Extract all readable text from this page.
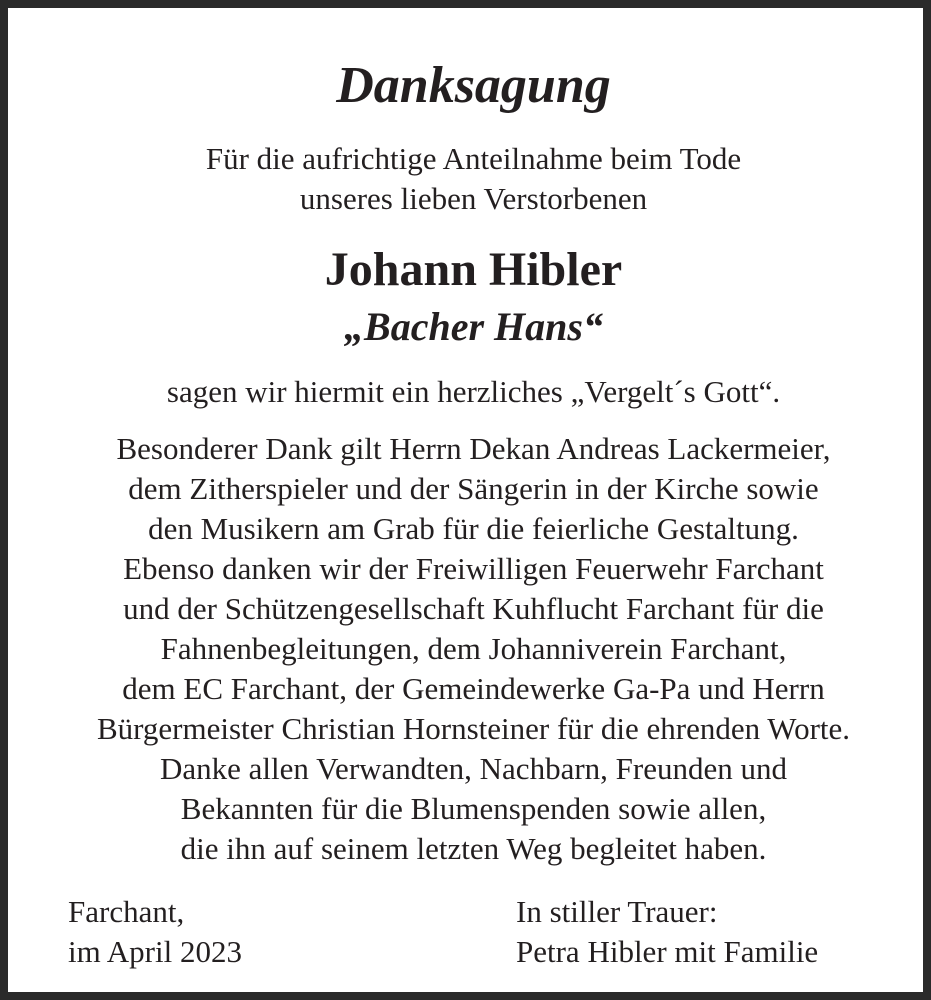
Danksagung
Für die aufrichtige Anteilnahme beim Tode
unseres lieben Verstorbenen
Johann Hibler
„Bacher Hans“
sagen wir hiermit ein herzliches „Vergelt´s Gott“.
Besonderer Dank gilt Herrn Dekan Andreas Lackermeier,
dem Zitherspieler und der Sängerin in der Kirche sowie
den Musikern am Grab für die feierliche Gestaltung.
Ebenso danken wir der Freiwilligen Feuerwehr Farchant
und der Schützengesellschaft Kuhflucht Farchant für die
Fahnenbegleitungen, dem Johanniverein Farchant,
dem EC Farchant, der Gemeindewerke Ga-Pa und Herrn
Bürgermeister Christian Hornsteiner für die ehrenden Worte.
Danke allen Verwandten, Nachbarn, Freunden und
Bekannten für die Blumenspenden sowie allen,
die ihn auf seinem letzten Weg begleitet haben.
Farchant,
im April 2023
In stiller Trauer:
Petra Hibler mit Familie
